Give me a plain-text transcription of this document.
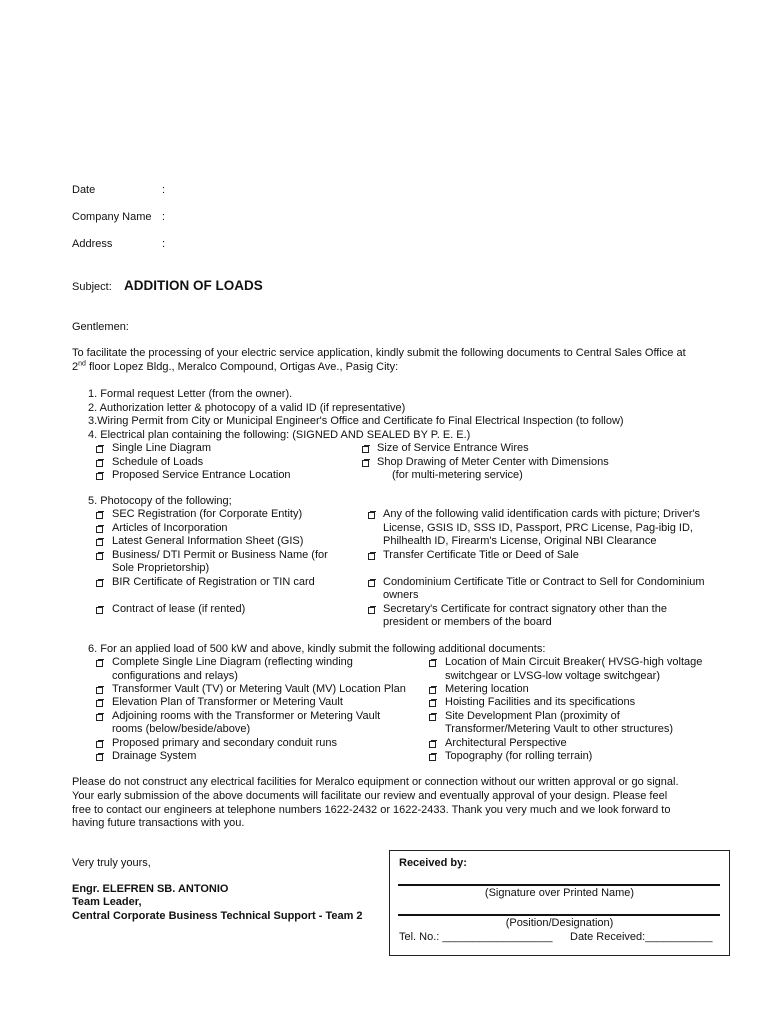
Date	:
Company Name :
Address	:
Subject: ADDITION OF LOADS
Gentlemen:
To facilitate the processing of your electric service application, kindly submit the following documents to Central Sales Office at
2nd floor Lopez Bldg., Meralco Compound, Ortigas Ave., Pasig City:
1. Formal request Letter (from the owner).
2. Authorization letter & photocopy of a valid ID (if representative)
3.Wiring Permit from City or Municipal Engineer's Office and Certificate fo Final Electrical Inspection (to follow)
4. Electrical plan containing the following: (SIGNED AND SEALED BY P. E. E.)
Single Line Diagram
Schedule of Loads
Proposed Service Entrance Location
Size of Service Entrance Wires
Shop Drawing of Meter Center with Dimensions
(for multi-metering service)
5. Photocopy of the following;
SEC Registration (for Corporate Entity)
Articles of Incorporation
Latest General Information Sheet (GIS)
Business/ DTI Permit or Business Name (for
Sole Proprietorship)
BIR Certificate of Registration or TIN card
Contract of lease (if rented)
Any of the following valid identification cards with picture; Driver's
License, GSIS ID, SSS ID, Passport, PRC License, Pag-ibig ID,
Philhealth ID, Firearm's License, Original NBI Clearance
Transfer Certificate Title or Deed of Sale
Condominium Certificate Title or Contract to Sell for Condominium
owners
Secretary's Certificate for contract signatory other than the
president or members of the board
6. For an applied load of 500 kW and above, kindly submit the following additional documents:
Complete Single Line Diagram (reflecting winding
configurations and relays)
Transformer Vault (TV) or Metering Vault (MV) Location Plan
Elevation Plan of Transformer or Metering Vault
Adjoining rooms with the Transformer or Metering Vault
rooms (below/beside/above)
Proposed primary and secondary conduit runs
Drainage System
Location of Main Circuit Breaker( HVSG-high voltage
switchgear or LVSG-low voltage switchgear)
Metering location
Hoisting Facilities and its specifications
Site Development Plan (proximity of
Transformer/Metering Vault to other structures)
Architectural Perspective
Topography (for rolling terrain)
Please do not construct any electrical facilities for Meralco equipment or connection without our written approval or go signal.
Your early submission of the above documents will facilitate our review and eventually approval of your design. Please feel
free to contact our engineers at telephone numbers 1622-2432 or 1622-2433. Thank you very much and we look forward to
having future transactions with you.
Very truly yours,
Engr. ELEFREN SB. ANTONIO
Team Leader,
Central Corporate Business Technical Support - Team 2
Received by:
(Signature over Printed Name)
(Position/Designation)
Tel. No.: __________________ Date Received:___________
